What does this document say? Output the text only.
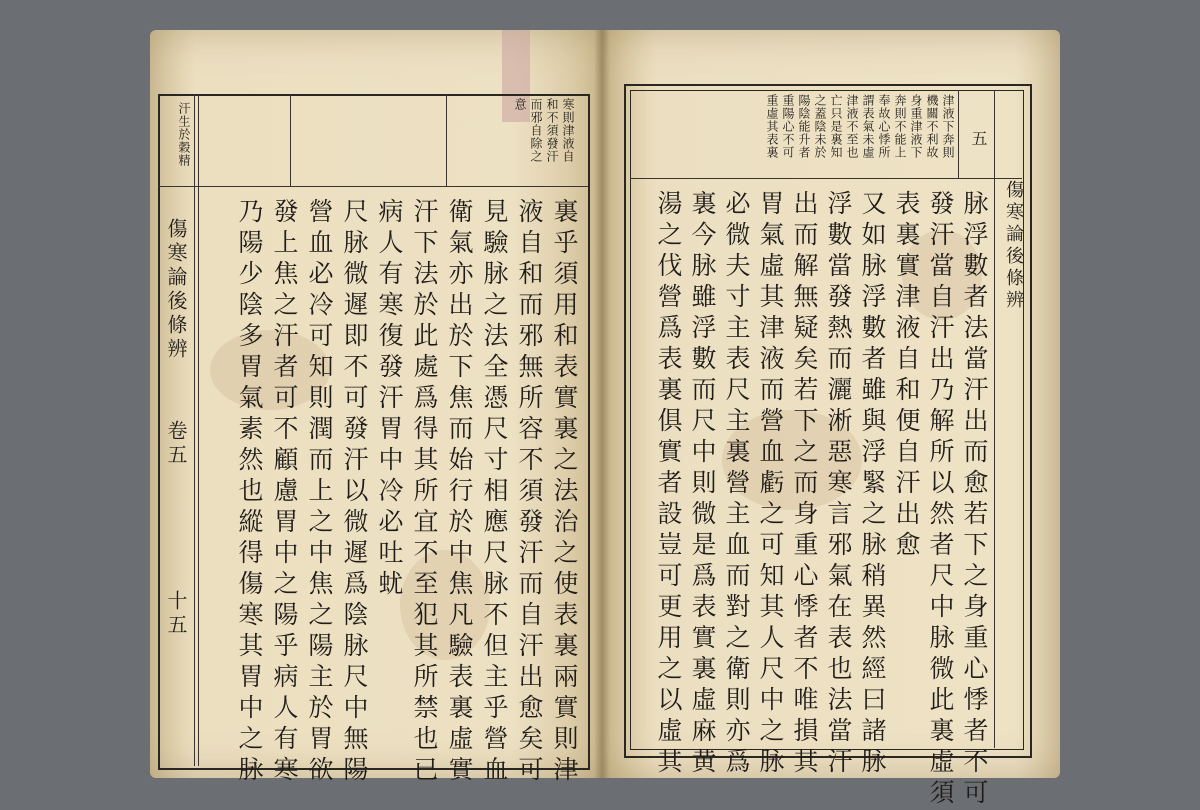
汗生於穀精	寒則津液自
和不須發汗
而邪自除之
意
傷寒論後條辨
卷五
十五	裏乎須用和表實裏之法治之使表裏兩實則津
液自和而邪無所容不須發汗而自汗出愈矣可
見驗脉之法全憑尺寸相應尺脉不但主乎營血
衛氣亦出於下焦而始行於中焦凡驗表裏虛實
汗下法於此處爲得其所宜不至犯其所禁也已
病人有寒復發汗胃中冷必吐蚘
尺脉微遲即不可發汗以微遲爲陰脉尺中無陽
營血必冷可知則潤而上之中焦之陽主於胃欲
發上焦之汗者可不顧慮胃中之陽乎病人有寒
乃陽少陰多胃氣素然也縱得傷寒其胃中之脉
津液下奔則
機關不利故
身重津液下
奔則不能上
奉故心悸所
謂表氣未虛
津液不至也
亡只是裏知
之蓋陰未於
陽陰能升者
重陽心不可
重虛其表裏	五
傷寒論後條辨
脉浮數者法當汗出而愈若下之身重心悸者不可
發汗當自汗出乃解所以然者尺中脉微此裏虛須
表裏實津液自和便自汗出愈
又如脉浮數者雖與浮緊之脉稍異然經曰諸脉
浮數當發熱而灑淅惡寒言邪氣在表也法當汗
出而解無疑矣若下之而身重心悸者不唯損其
胃氣虛其津液而營血虧之可知其人尺中之脉
必微夫寸主表尺主裏營主血而對之衛則亦爲
裏今脉雖浮數而尺中則微是爲表實裏虛麻黄
湯之伐營爲表裏俱實者設豈可更用之以虛其
